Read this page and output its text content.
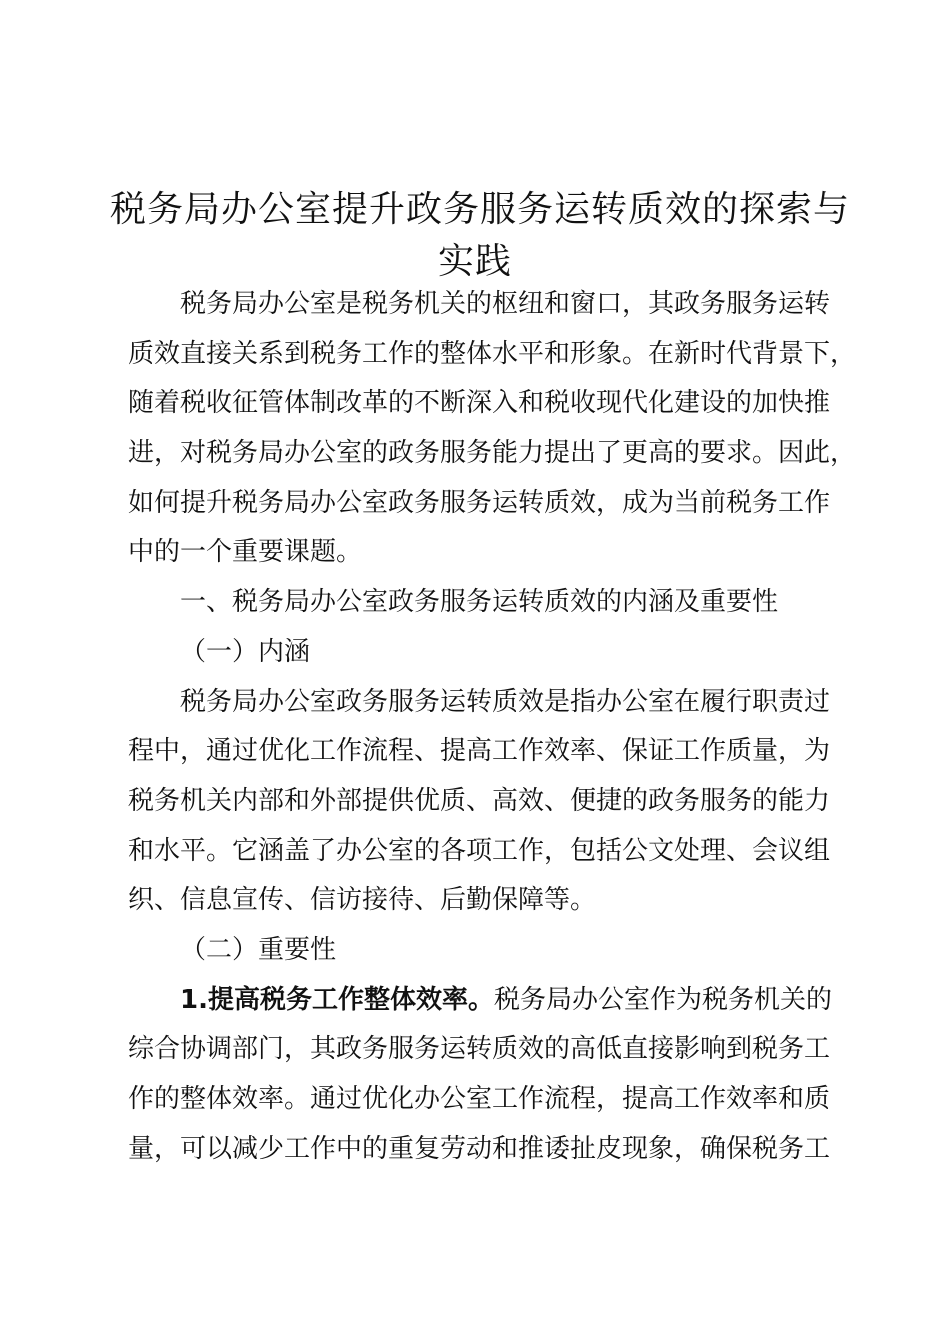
税务局办公室提升政务服务运转质效的探索与
实践
税务局办公室是税务机关的枢纽和窗口，其政务服务运转
质效直接关系到税务工作的整体水平和形象。在新时代背景下，
随着税收征管体制改革的不断深入和税收现代化建设的加快推
进，对税务局办公室的政务服务能力提出了更高的要求。因此，
如何提升税务局办公室政务服务运转质效，成为当前税务工作
中的一个重要课题。
一、税务局办公室政务服务运转质效的内涵及重要性
（一）内涵
税务局办公室政务服务运转质效是指办公室在履行职责过
程中，通过优化工作流程、提高工作效率、保证工作质量，为
税务机关内部和外部提供优质、高效、便捷的政务服务的能力
和水平。它涵盖了办公室的各项工作，包括公文处理、会议组
织、信息宣传、信访接待、后勤保障等。
（二）重要性
1.提高税务工作整体效率。税务局办公室作为税务机关的
综合协调部门，其政务服务运转质效的高低直接影响到税务工
作的整体效率。通过优化办公室工作流程，提高工作效率和质
量，可以减少工作中的重复劳动和推诿扯皮现象，确保税务工
